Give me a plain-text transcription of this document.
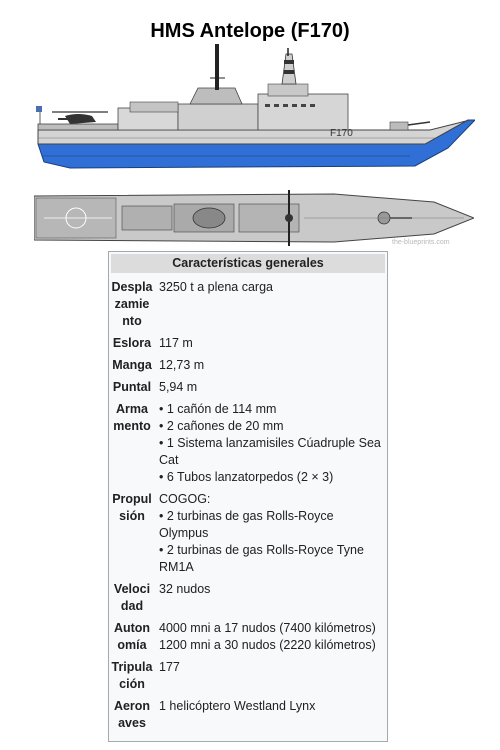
HMS Antelope (F170)
F170
the-blueprints.com
Características generales
Despla
zamie
nto
3250 t a plena carga
Eslora 117 m
Manga 12,73 m
Puntal 5,94 m
Arma
mento
• 1 cañón de 114 mm
• 2 cañones de 20 mm
• 1 Sistema lanzamisiles Cúadruple Sea
Cat
• 6 Tubos lanzatorpedos (2 × 3)
Propul
sión
COGOG:
• 2 turbinas de gas Rolls-Royce
Olympus
• 2 turbinas de gas Rolls-Royce Tyne
RM1A
Veloci
dad
32 nudos
Auton
omía
4000 mni a 17 nudos (7400 kilómetros)
1200 mni a 30 nudos (2220 kilómetros)
Tripula
ción
177
Aeron
aves
1 helicóptero Westland Lynx
